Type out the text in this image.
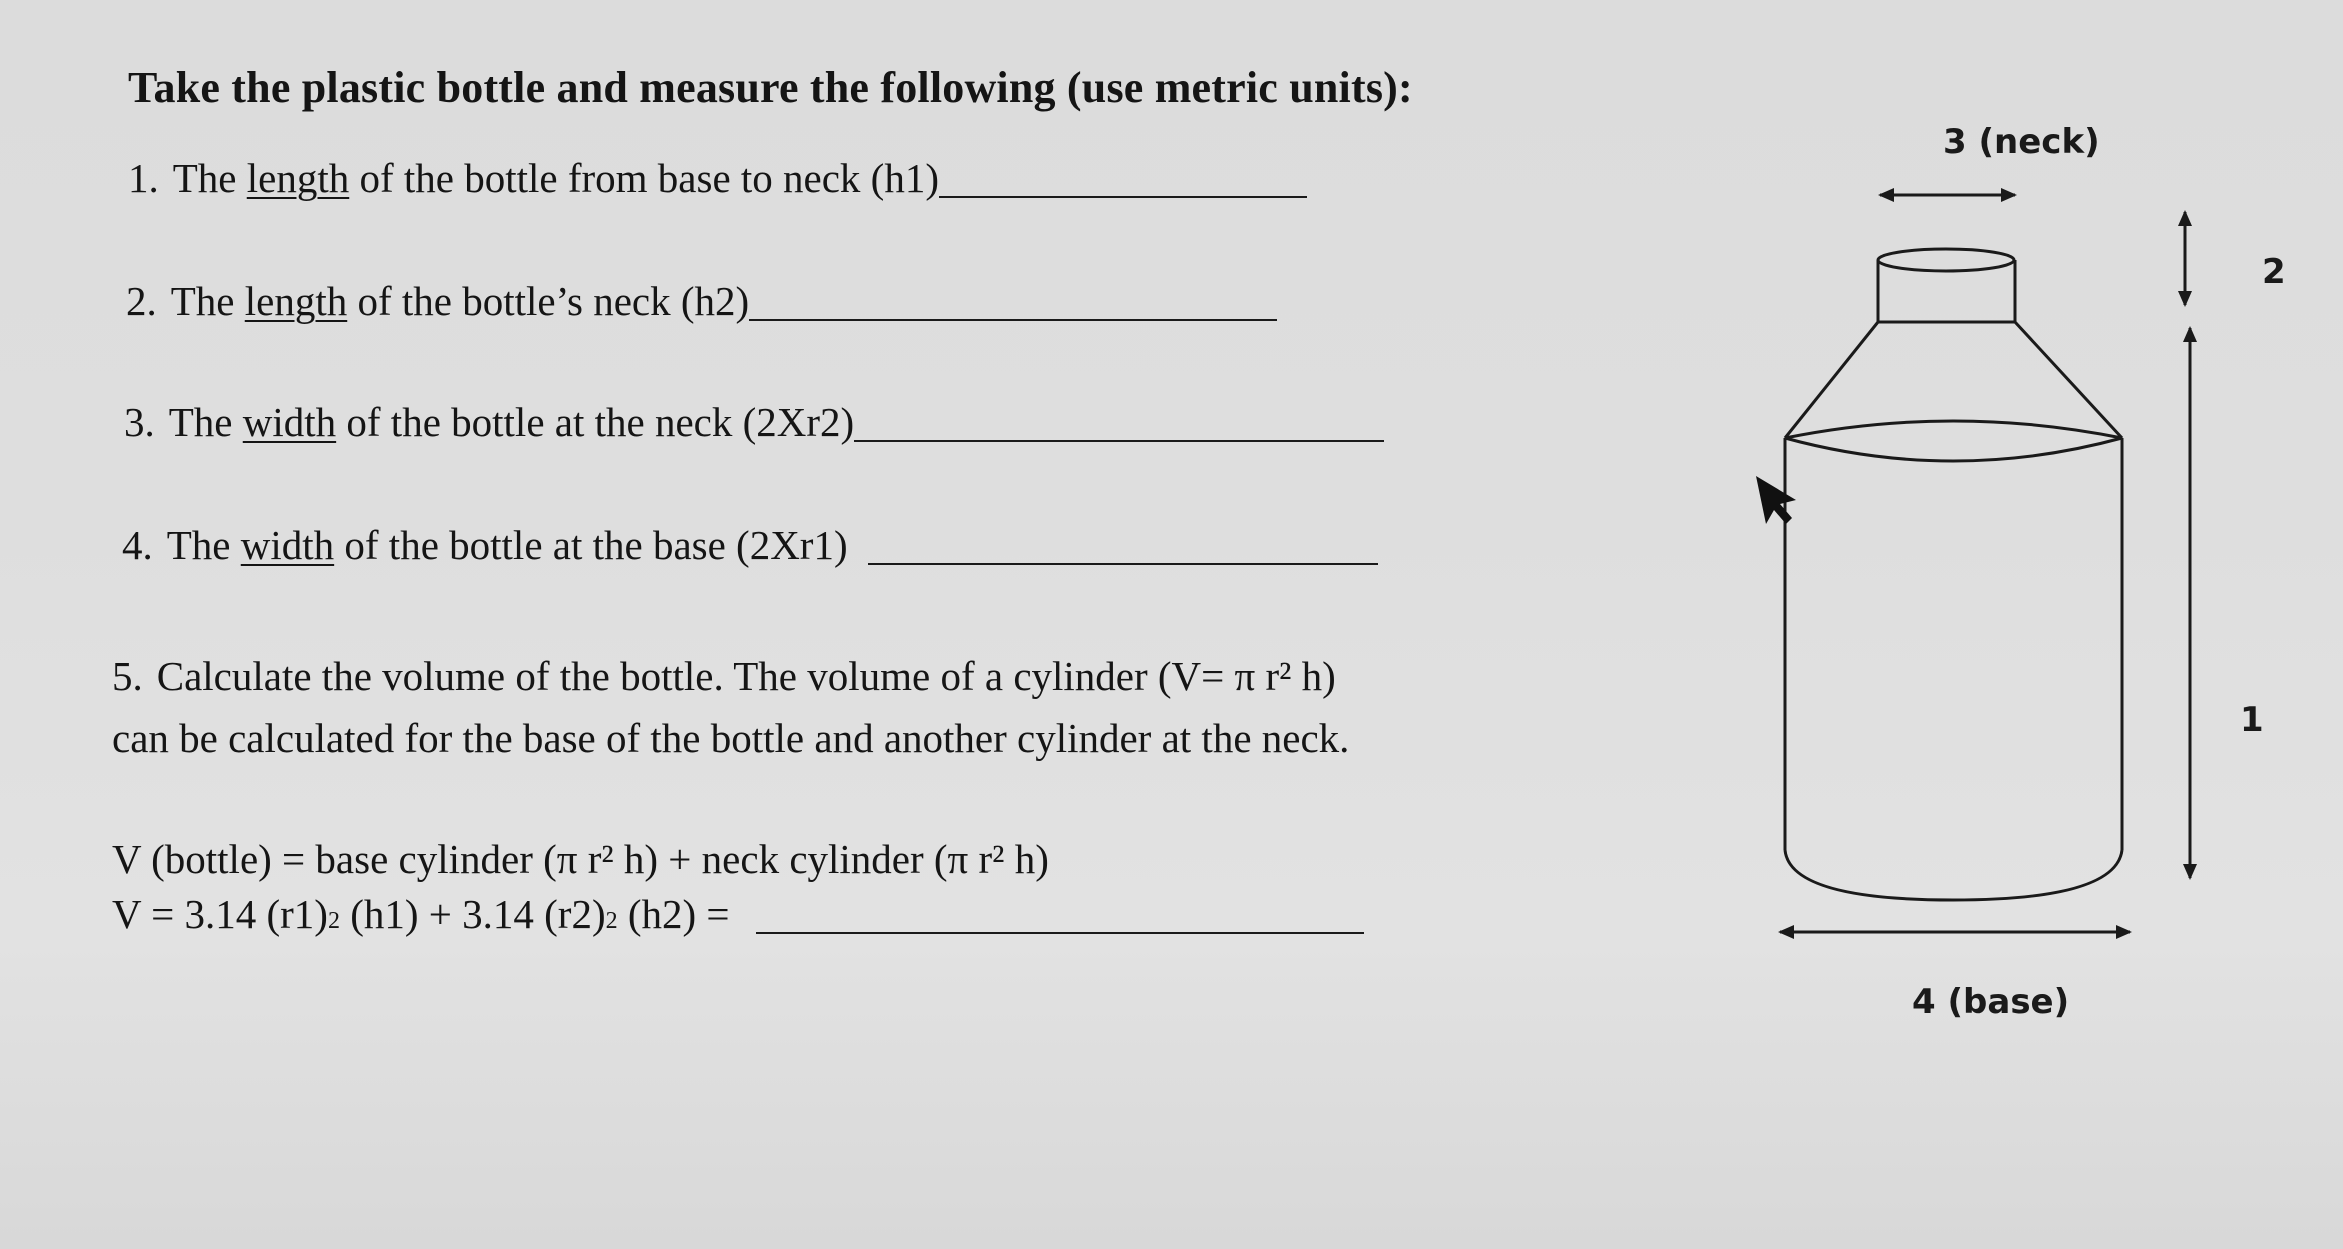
Take the plastic bottle and measure the following (use metric units):
1. The length of the bottle from base to neck (h1)
2. The length of the bottle’s neck (h2)
3. The width of the bottle at the neck (2Xr2)
4. The width of the bottle at the base (2Xr1)
5. Calculate the volume of the bottle. The volume of a cylinder (V= π r² h)
can be calculated for the base of the bottle and another cylinder at the neck.
V (bottle) = base cylinder (π r² h) + neck cylinder (π r² h)
V = 3.14 (r1) 2 (h1) + 3.14 (r2) 2 (h2) =
3 (neck)
4 (base)
2
1
